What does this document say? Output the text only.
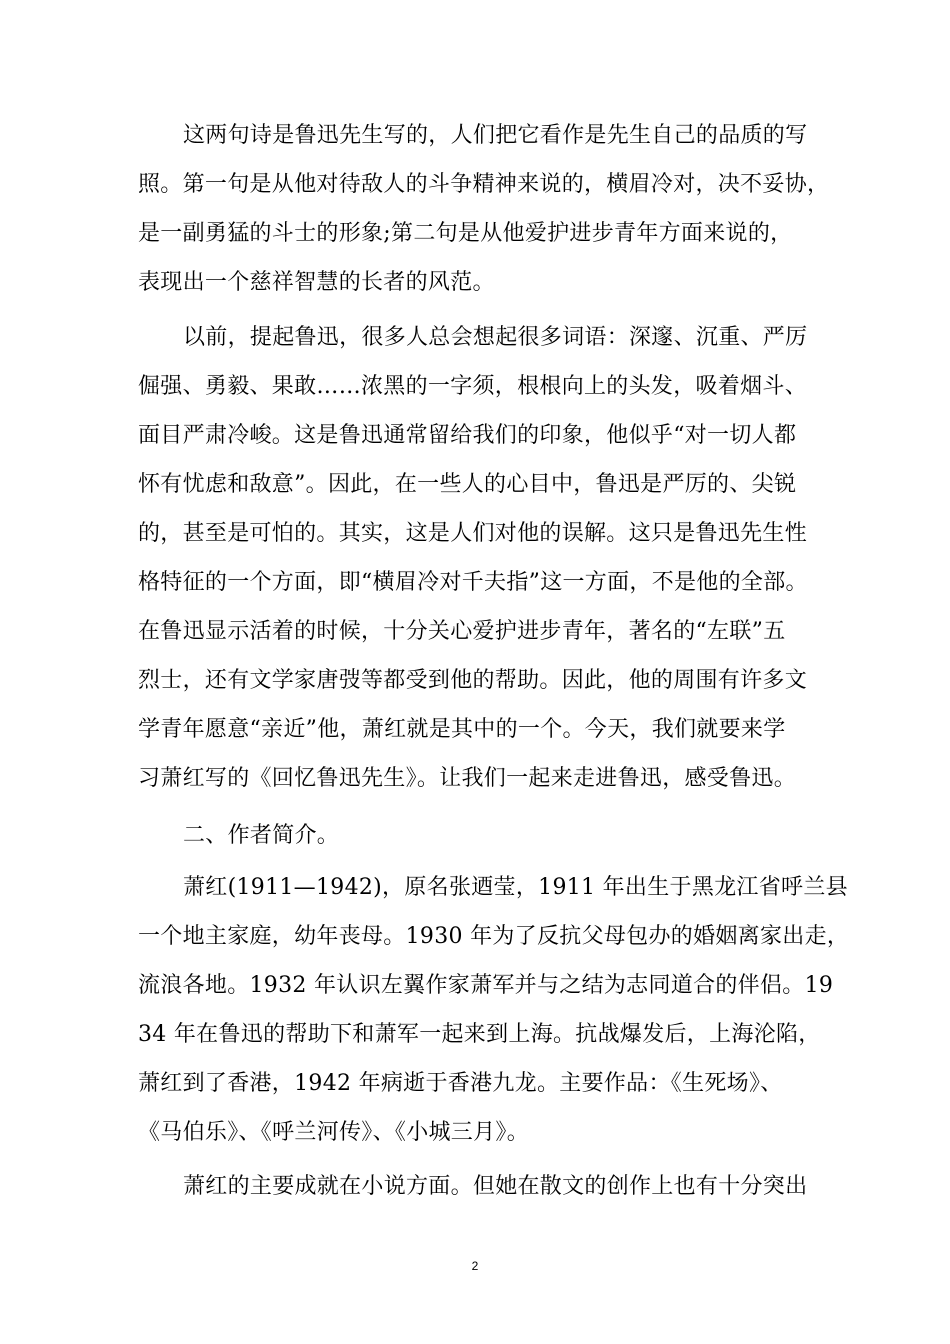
这两句诗是鲁迅先生写的，人们把它看作是先生自己的品质的写
照。第一句是从他对待敌人的斗争精神来说的，横眉冷对，决不妥协，
是一副勇猛的斗士的形象;第二句是从他爱护进步青年方面来说的，
表现出一个慈祥智慧的长者的风范。
以前，提起鲁迅，很多人总会想起很多词语：深邃、沉重、严厉
倔强、勇毅、果敢……浓黑的一字须，根根向上的头发，吸着烟斗、
面目严肃冷峻。这是鲁迅通常留给我们的印象，他似乎“对一切人都
怀有忧虑和敌意”。因此，在一些人的心目中，鲁迅是严厉的、尖锐
的，甚至是可怕的。其实，这是人们对他的误解。这只是鲁迅先生性
格特征的一个方面，即“横眉冷对千夫指”这一方面，不是他的全部。
在鲁迅显示活着的时候，十分关心爱护进步青年，著名的“左联”五
烈士，还有文学家唐弢等都受到他的帮助。因此，他的周围有许多文
学青年愿意“亲近”他，萧红就是其中的一个。今天，我们就要来学
习萧红写的《回忆鲁迅先生》。让我们一起来走进鲁迅，感受鲁迅。
二、作者简介。
萧红(1911—1942)，原名张迺莹，1911 年出生于黑龙江省呼兰县
一个地主家庭，幼年丧母。1930 年为了反抗父母包办的婚姻离家出走，
流浪各地。1932 年认识左翼作家萧军并与之结为志同道合的伴侣。19
34 年在鲁迅的帮助下和萧军一起来到上海。抗战爆发后，上海沦陷，
萧红到了香港，1942 年病逝于香港九龙。主要作品：《生死场》、
《马伯乐》、《呼兰河传》、《小城三月》。
萧红的主要成就在小说方面。但她在散文的创作上也有十分突出
2
